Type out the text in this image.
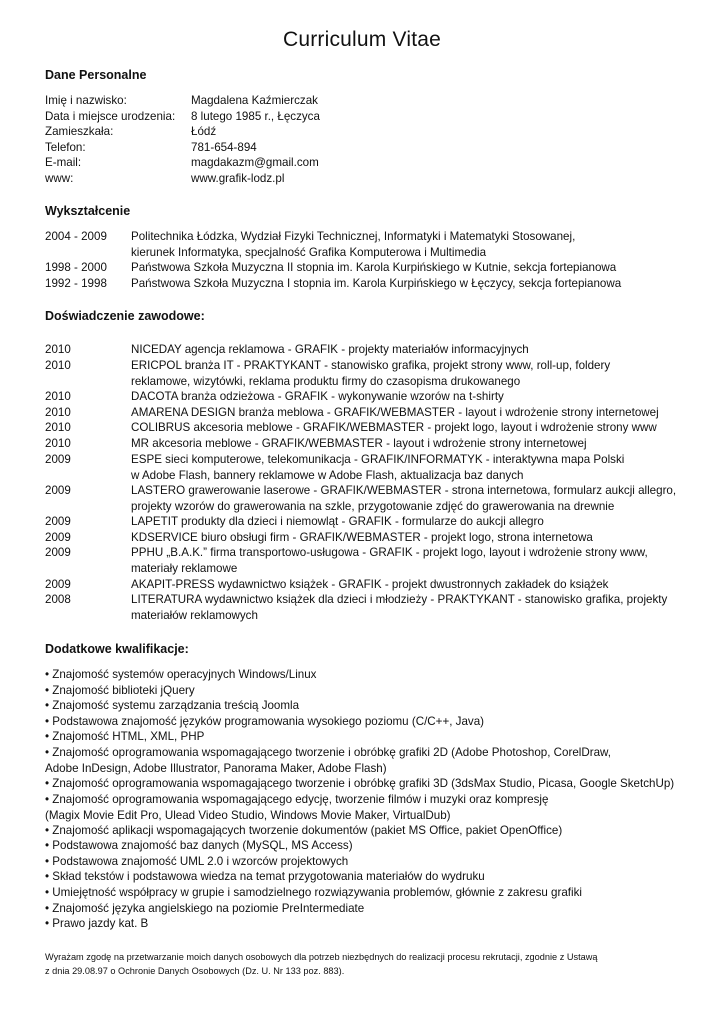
Curriculum Vitae
Dane Personalne
Imię i nazwisko:	Magdalena Kaźmierczak
Data i miejsce urodzenia: 8 lutego 1985 r., Łęczyca
Zamieszkała:	Łódź
Telefon:	781-654-894
E-mail:	magdakazm@gmail.com
www:	www.grafik-lodz.pl
Wykształcenie
2004 - 2009 Politechnika Łódzka, Wydział Fizyki Technicznej, Informatyki i Matematyki Stosowanej,
kierunek Informatyka, specjalność Grafika Komputerowa i Multimedia
1998 - 2000 Państwowa Szkoła Muzyczna II stopnia im. Karola Kurpińskiego w Kutnie, sekcja fortepianowa
1992 - 1998 Państwowa Szkoła Muzyczna I stopnia im. Karola Kurpińskiego w Łęczycy, sekcja fortepianowa
Doświadczenie zawodowe:
2010	NICEDAY agencja reklamowa - GRAFIK - projekty materiałów informacyjnych
2010	ERICPOL branża IT - PRAKTYKANT - stanowisko grafika, projekt strony www, roll-up, foldery
reklamowe, wizytówki, reklama produktu firmy do czasopisma drukowanego
2010	DACOTA branża odzieżowa - GRAFIK - wykonywanie wzorów na t-shirty
2010	AMARENA DESIGN branża meblowa - GRAFIK/WEBMASTER - layout i wdrożenie strony internetowej
2010	COLIBRUS akcesoria meblowe - GRAFIK/WEBMASTER - projekt logo, layout i wdrożenie strony www
2010	MR akcesoria meblowe - GRAFIK/WEBMASTER - layout i wdrożenie strony internetowej
2009	ESPE sieci komputerowe, telekomunikacja - GRAFIK/INFORMATYK - interaktywna mapa Polski
w Adobe Flash, bannery reklamowe w Adobe Flash, aktualizacja baz danych
2009	LASTERO grawerowanie laserowe - GRAFIK/WEBMASTER - strona internetowa, formularz aukcji allegro,
projekty wzorów do grawerowania na szkle, przygotowanie zdjęć do grawerowania na drewnie
2009	LAPETIT produkty dla dzieci i niemowląt - GRAFIK - formularze do aukcji allegro
2009	KDSERVICE biuro obsługi firm - GRAFIK/WEBMASTER - projekt logo, strona internetowa
2009	PPHU „B.A.K.” firma transportowo-usługowa - GRAFIK - projekt logo, layout i wdrożenie strony www,
materiały reklamowe
2009	AKAPIT-PRESS wydawnictwo książek - GRAFIK - projekt dwustronnych zakładek do książek
2008	LITERATURA wydawnictwo książek dla dzieci i młodzieży - PRAKTYKANT - stanowisko grafika, projekty
materiałów reklamowych
Dodatkowe kwalifikacje:
• Znajomość systemów operacyjnych Windows/Linux
• Znajomość biblioteki jQuery
• Znajomość systemu zarządzania treścią Joomla
• Podstawowa znajomość języków programowania wysokiego poziomu (C/C++, Java)
• Znajomość HTML, XML, PHP
• Znajomość oprogramowania wspomagającego tworzenie i obróbkę grafiki 2D (Adobe Photoshop, CorelDraw,
Adobe InDesign, Adobe Illustrator, Panorama Maker, Adobe Flash)
• Znajomość oprogramowania wspomagającego tworzenie i obróbkę grafiki 3D (3dsMax Studio, Picasa, Google SketchUp)
• Znajomość oprogramowania wspomagającego edycję, tworzenie filmów i muzyki oraz kompresję
(Magix Movie Edit Pro, Ulead Video Studio, Windows Movie Maker, VirtualDub)
• Znajomość aplikacji wspomagających tworzenie dokumentów (pakiet MS Office, pakiet OpenOffice)
• Podstawowa znajomość baz danych (MySQL, MS Access)
• Podstawowa znajomość UML 2.0 i wzorców projektowych
• Skład tekstów i podstawowa wiedza na temat przygotowania materiałów do wydruku
• Umiejętność współpracy w grupie i samodzielnego rozwiązywania problemów, głównie z zakresu grafiki
• Znajomość języka angielskiego na poziomie PreIntermediate
• Prawo jazdy kat. B
Wyrażam zgodę na przetwarzanie moich danych osobowych dla potrzeb niezbędnych do realizacji procesu rekrutacji, zgodnie z Ustawą
z dnia 29.08.97 o Ochronie Danych Osobowych (Dz. U. Nr 133 poz. 883).
